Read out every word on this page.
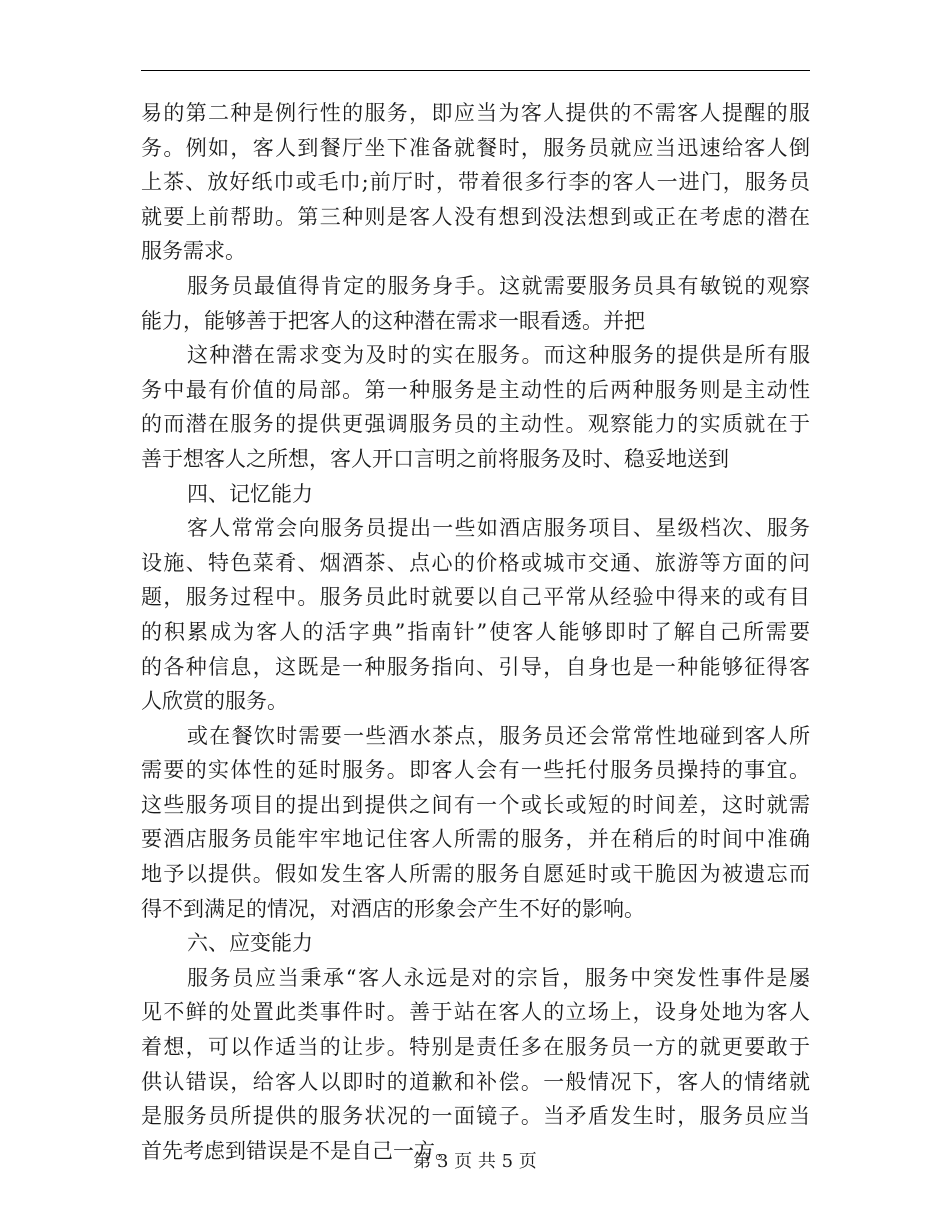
易的第二种是例行性的服务，即应当为客人提供的不需客人提醒的服
务。例如，客人到餐厅坐下准备就餐时，服务员就应当迅速给客人倒
上茶、放好纸巾或毛巾;前厅时，带着很多行李的客人一进门，服务员
就要上前帮助。第三种则是客人没有想到没法想到或正在考虑的潜在
服务需求。
服务员最值得肯定的服务身手。这就需要服务员具有敏锐的观察
能力，能够善于把客人的这种潜在需求一眼看透。并把
这种潜在需求变为及时的实在服务。而这种服务的提供是所有服
务中最有价值的局部。第一种服务是主动性的后两种服务则是主动性
的而潜在服务的提供更强调服务员的主动性。观察能力的实质就在于
善于想客人之所想，客人开口言明之前将服务及时、稳妥地送到
四、记忆能力
客人常常会向服务员提出一些如酒店服务项目、星级档次、服务
设施、特色菜肴、烟酒茶、点心的价格或城市交通、旅游等方面的问
题，服务过程中。服务员此时就要以自己平常从经验中得来的或有目
的积累成为客人的活字典”指南针”使客人能够即时了解自己所需要
的各种信息，这既是一种服务指向、引导，自身也是一种能够征得客
人欣赏的服务。
或在餐饮时需要一些酒水茶点，服务员还会常常性地碰到客人所
需要的实体性的延时服务。即客人会有一些托付服务员操持的事宜。
这些服务项目的提出到提供之间有一个或长或短的时间差，这时就需
要酒店服务员能牢牢地记住客人所需的服务，并在稍后的时间中准确
地予以提供。假如发生客人所需的服务自愿延时或干脆因为被遗忘而
得不到满足的情况，对酒店的形象会产生不好的影响。
六、应变能力
服务员应当秉承“客人永远是对的宗旨，服务中突发性事件是屡
见不鲜的处置此类事件时。善于站在客人的立场上，设身处地为客人
着想，可以作适当的让步。特别是责任多在服务员一方的就更要敢于
供认错误，给客人以即时的道歉和补偿。一般情况下，客人的情绪就
是服务员所提供的服务状况的一面镜子。当矛盾发生时，服务员应当
首先考虑到错误是不是自己一方。
第 3 页 共 5 页
